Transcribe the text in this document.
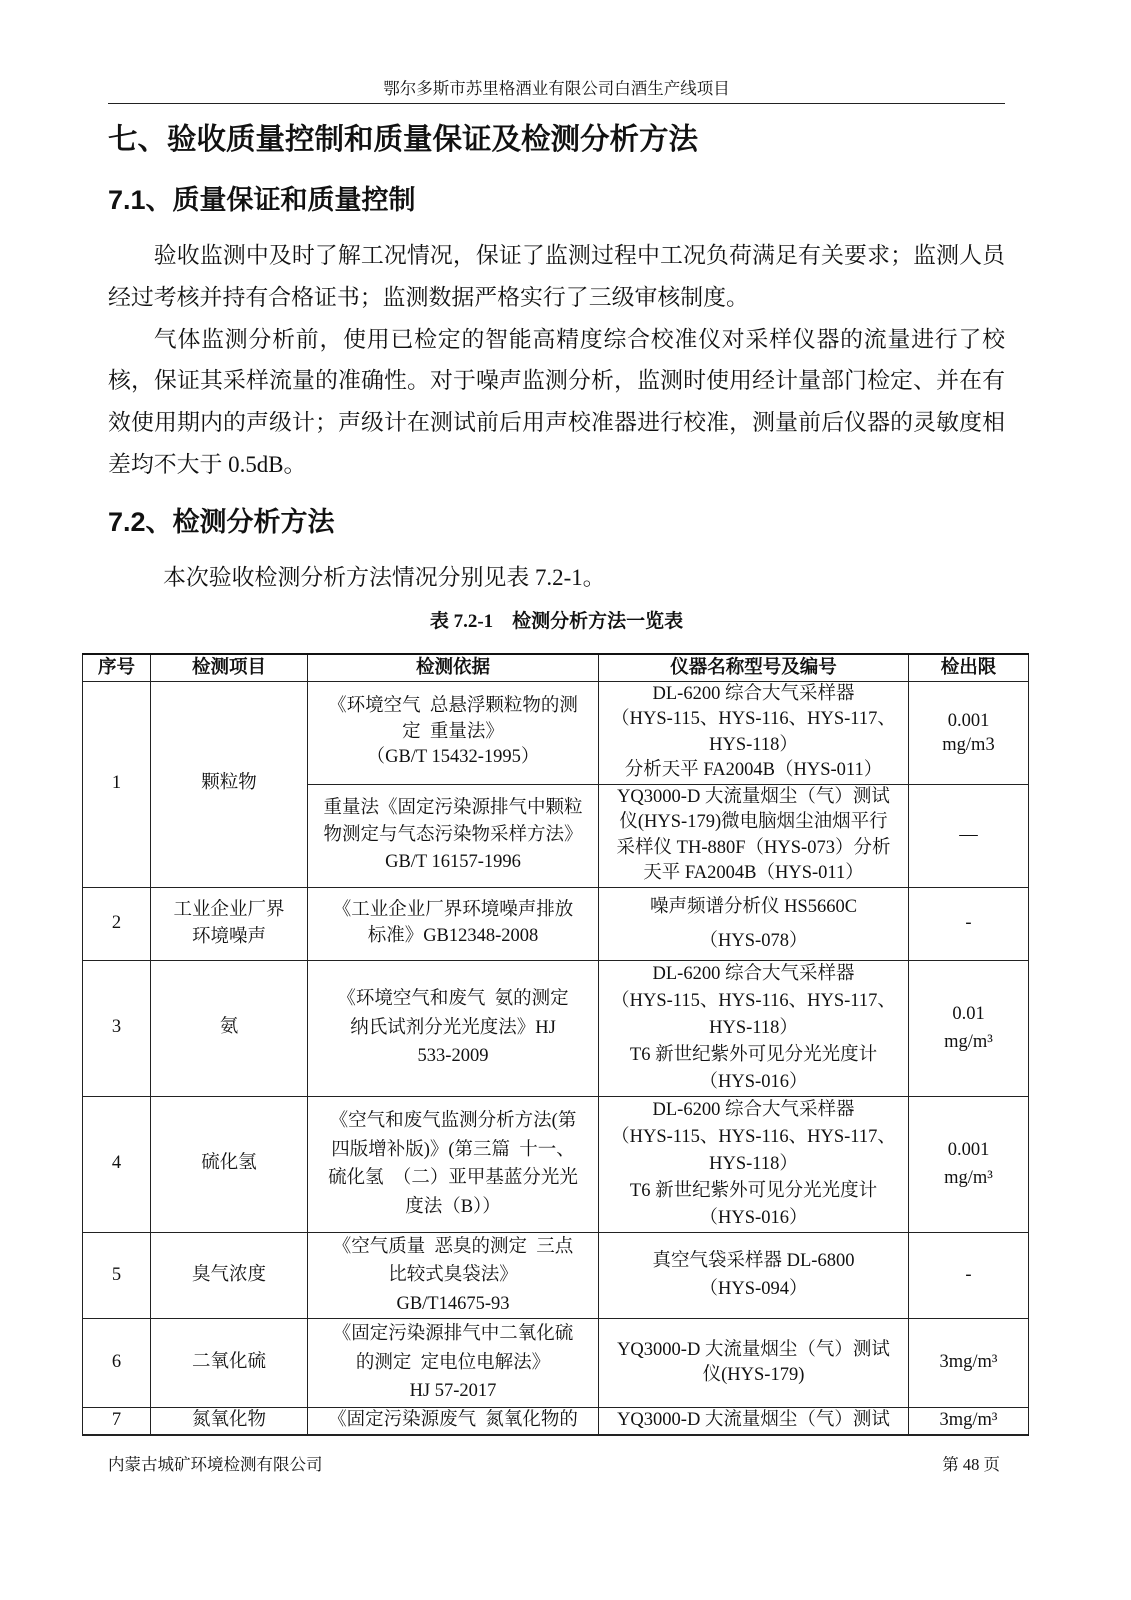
鄂尔多斯市苏里格酒业有限公司白酒生产线项目
七、验收质量控制和质量保证及检测分析方法
7.1、质量保证和质量控制

验收监测中及时了解工况情况，保证了监测过程中工况负荷满足有关要求；监测人员经过考核并持有合格证书；监测数据严格实行了三级审核制度。

气体监测分析前，使用已检定的智能高精度综合校准仪对采样仪器的流量进行了校核，保证其采样流量的准确性。对于噪声监测分析，监测时使用经计量部门检定、并在有效使用期内的声级计；声级计在测试前后用声校准器进行校准，测量前后仪器的灵敏度相差均不大于 0.5dB。

7.2、检测分析方法

本次验收检测分析方法情况分别见表 7.2-1。

表 7.2-1　检测分析方法一览表
序号	检测项目	检测依据	仪器名称型号及编号	检出限
1	颗粒物	《环境空气  总悬浮颗粒物的测
定  重量法》
（GB/T 15432-1995）	DL-6200 综合大气采样器
（HYS-115、HYS-116、HYS-117、
HYS-118）
分析天平 FA2004B（HYS-011）	0.001
mg/m3
		重量法《固定污染源排气中颗粒
物测定与气态污染物采样方法》
GB/T 16157-1996	YQ3000-D 大流量烟尘（气）测试
仪(HYS-179)微电脑烟尘油烟平行
采样仪 TH-880F（HYS-073）分析
天平 FA2004B（HYS-011）	—
2	工业企业厂界
环境噪声	《工业企业厂界环境噪声排放
标准》GB12348-2008	噪声频谱分析仪 HS5660C
（HYS-078）	-
3	氨	《环境空气和废气  氨的测定
纳氏试剂分光光度法》HJ
533-2009	DL-6200 综合大气采样器
（HYS-115、HYS-116、HYS-117、
HYS-118）
T6 新世纪紫外可见分光光度计
（HYS-016）	0.01
mg/m³
4	硫化氢	《空气和废气监测分析方法(第
四版增补版)》(第三篇  十一、
硫化氢  （二）亚甲基蓝分光光
度法（B））	DL-6200 综合大气采样器
（HYS-115、HYS-116、HYS-117、
HYS-118）
T6 新世纪紫外可见分光光度计
（HYS-016）	0.001
mg/m³
5	臭气浓度	《空气质量  恶臭的测定  三点
比较式臭袋法》
GB/T14675-93	真空气袋采样器 DL-6800
（HYS-094）	-
6	二氧化硫	《固定污染源排气中二氧化硫
的测定  定电位电解法》
HJ 57-2017	YQ3000-D 大流量烟尘（气）测试
仪(HYS-179)	3mg/m³
7	氮氧化物	《固定污染源废气  氮氧化物的	YQ3000-D 大流量烟尘（气）测试	3mg/m³
内蒙古城矿环境检测有限公司	第 48 页
